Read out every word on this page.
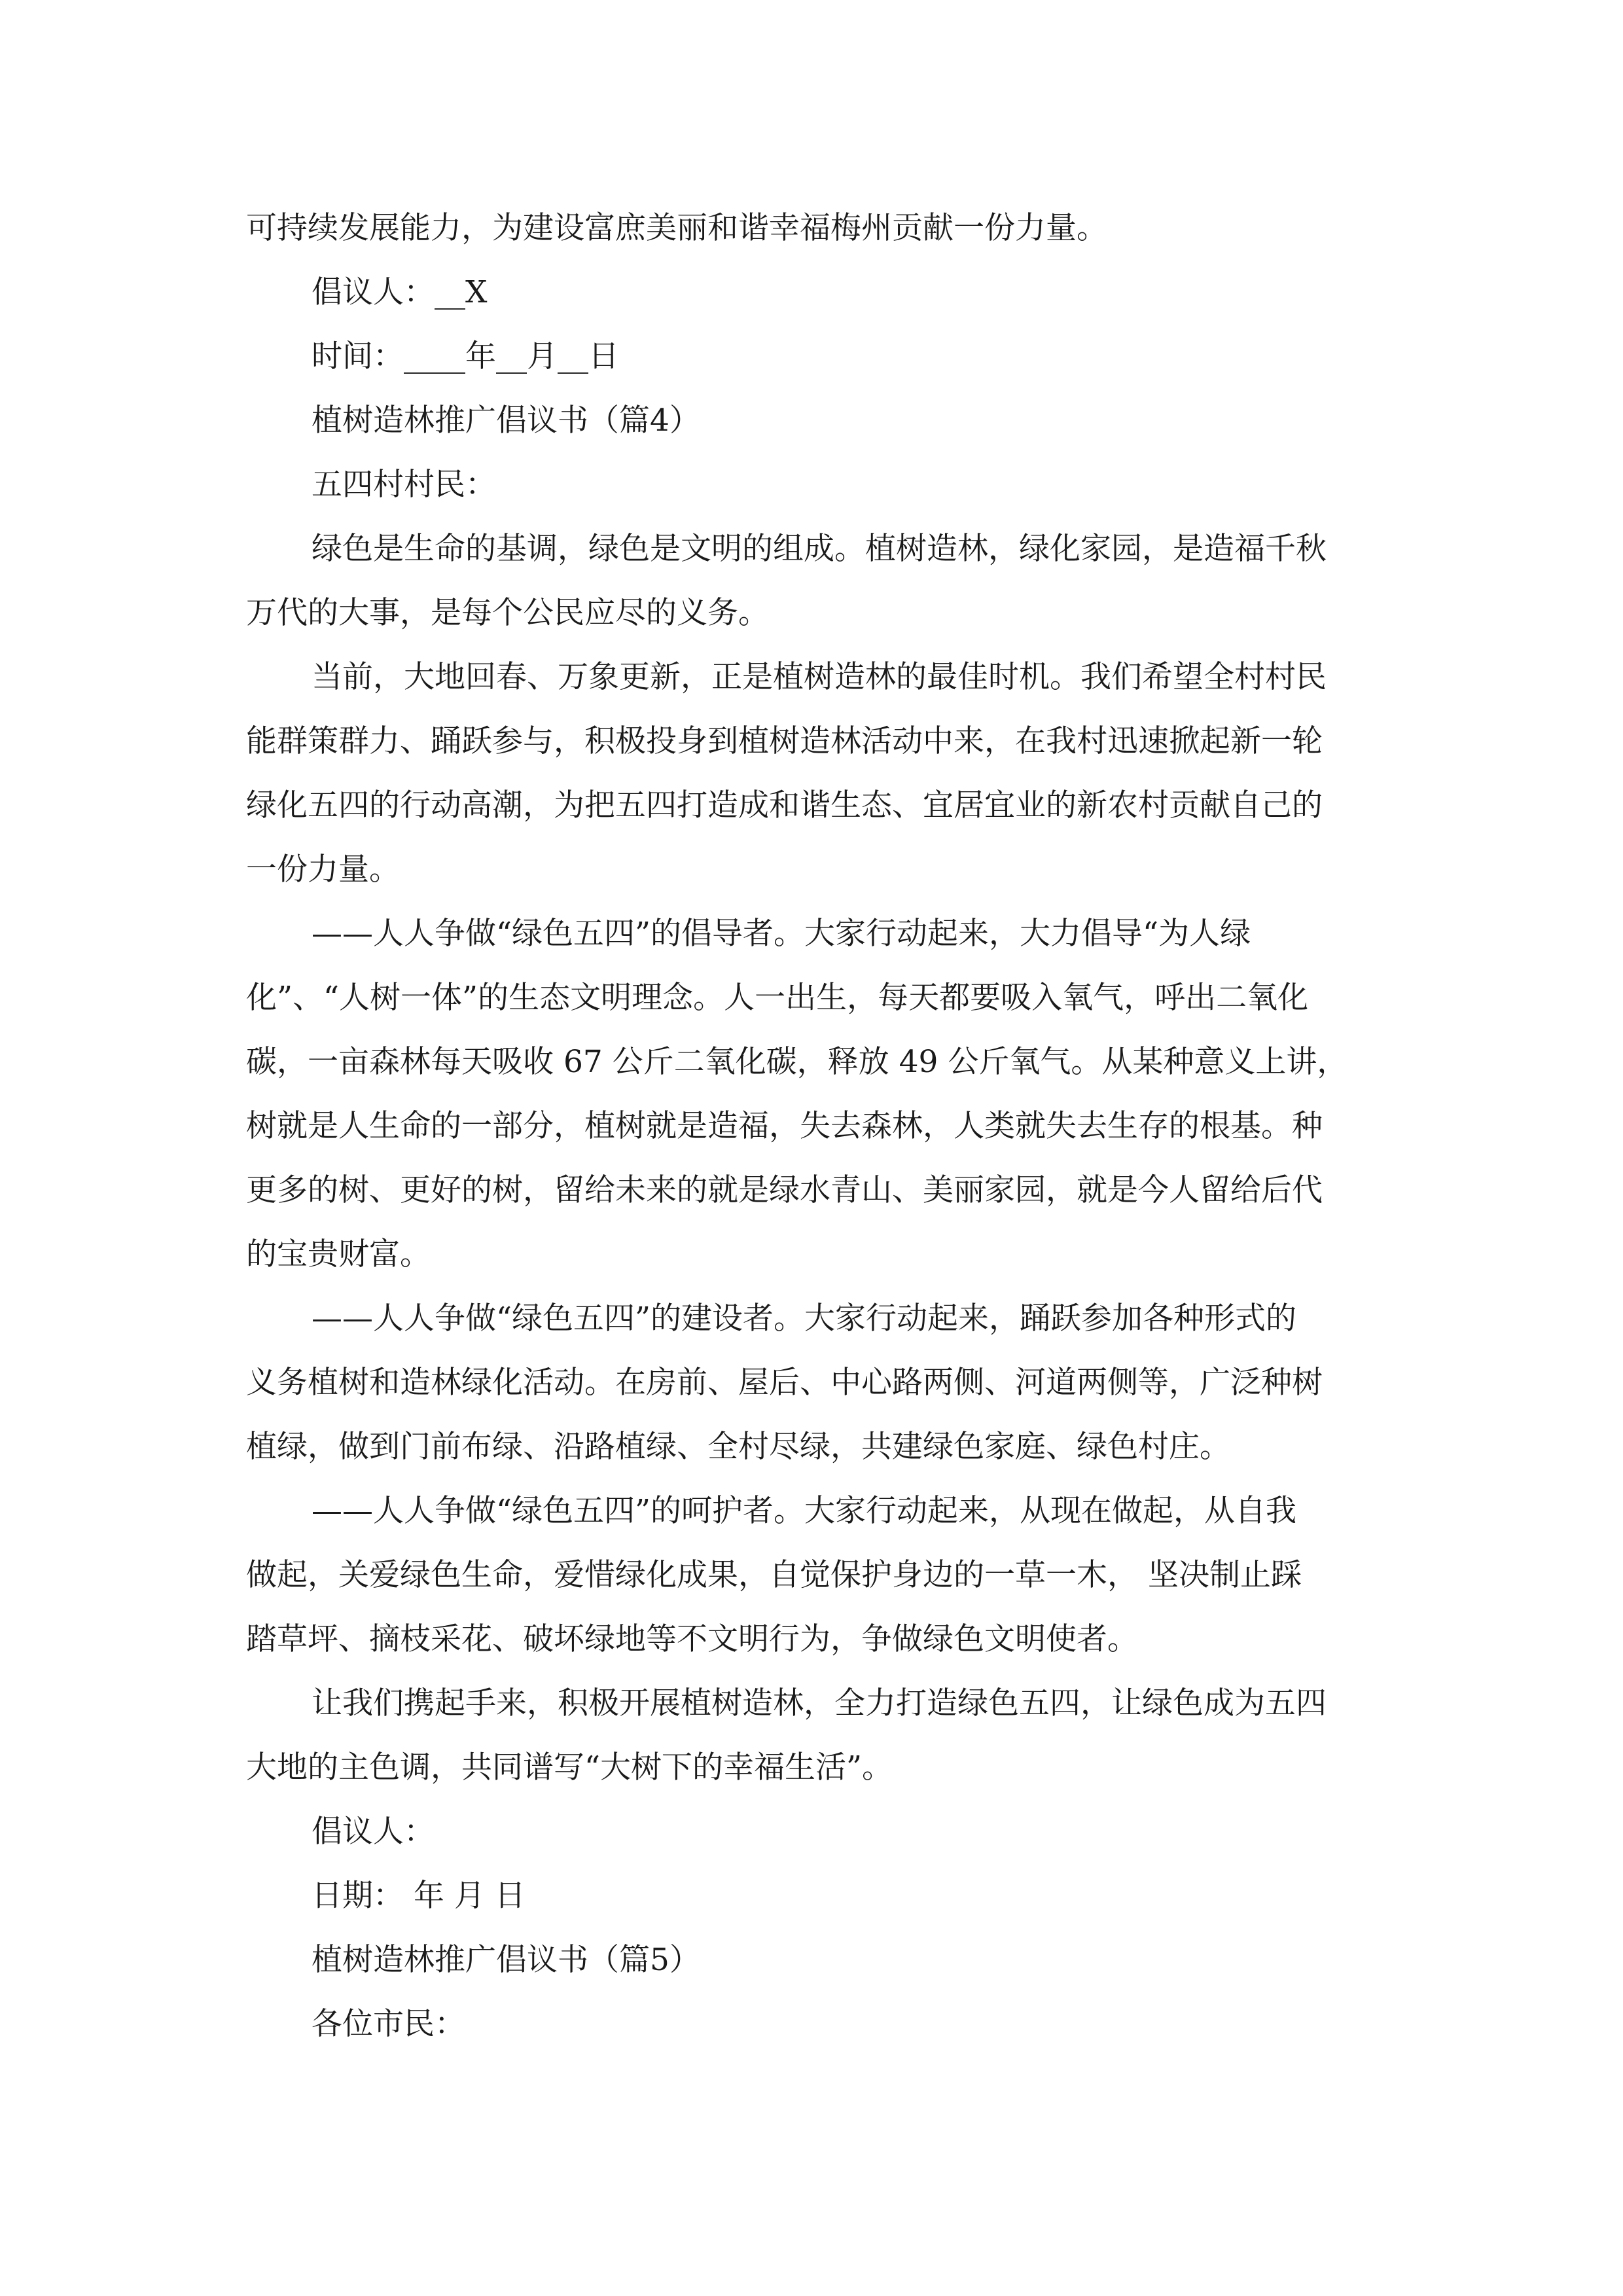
可持续发展能力，为建设富庶美丽和谐幸福梅州贡献一份力量。

倡议人：__X

时间：____年__月__日

植树造林推广倡议书（篇4）

五四村村民：

绿色是生命的基调，绿色是文明的组成。植树造林，绿化家园，是造福千秋

万代的大事，是每个公民应尽的义务。

当前，大地回春、万象更新，正是植树造林的最佳时机。我们希望全村村民

能群策群力、踊跃参与，积极投身到植树造林活动中来，在我村迅速掀起新一轮

绿化五四的行动高潮，为把五四打造成和谐生态、宜居宜业的新农村贡献自己的

一份力量。

——人人争做“绿色五四”的倡导者。大家行动起来，大力倡导“为人绿

化”、“人树一体”的生态文明理念。人一出生，每天都要吸入氧气，呼出二氧化

碳，一亩森林每天吸收 67 公斤二氧化碳，释放 49 公斤氧气。从某种意义上讲，

树就是人生命的一部分，植树就是造福，失去森林，人类就失去生存的根基。种

更多的树、更好的树，留给未来的就是绿水青山、美丽家园，就是今人留给后代

的宝贵财富。

——人人争做“绿色五四”的建设者。大家行动起来，踊跃参加各种形式的

义务植树和造林绿化活动。在房前、屋后、中心路两侧、河道两侧等，广泛种树

植绿，做到门前布绿、沿路植绿、全村尽绿，共建绿色家庭、绿色村庄。

——人人争做“绿色五四”的呵护者。大家行动起来，从现在做起，从自我

做起，关爱绿色生命，爱惜绿化成果，自觉保护身边的一草一木， 坚决制止踩

踏草坪、摘枝采花、破坏绿地等不文明行为，争做绿色文明使者。

让我们携起手来，积极开展植树造林，全力打造绿色五四，让绿色成为五四

大地的主色调，共同谱写“大树下的幸福生活”。

倡议人：

日期： 年 月 日

植树造林推广倡议书（篇5）

各位市民：
